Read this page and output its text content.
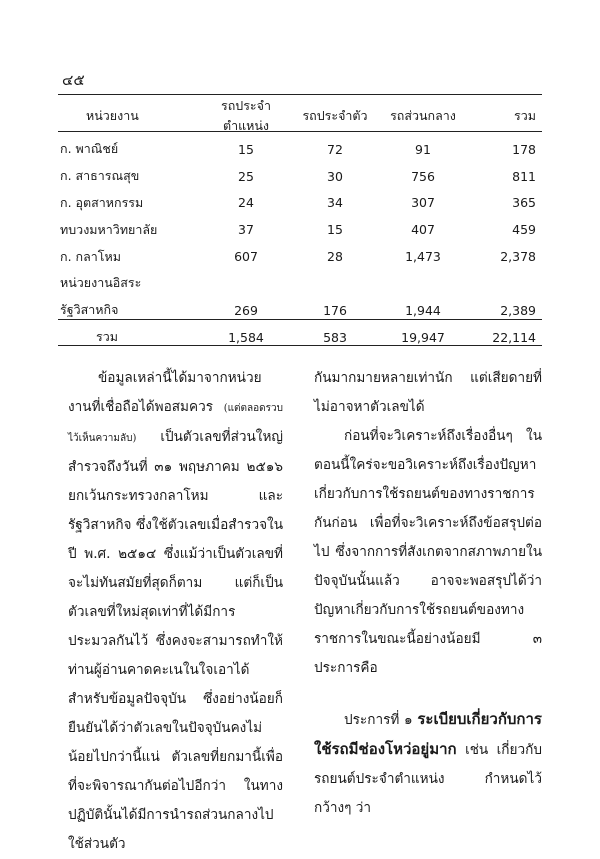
๔๕
หน่วยงาน	รถประจำตำแหน่ง	รถประจำตัว	รถส่วนกลาง	รวม
ก. พาณิชย์	15	72	91	178
ก. สาธารณสุข	25	30	756	811
ก. อุตสาหกรรม	24	34	307	365
ทบวงมหาวิทยาลัย	37	15	407	459
ก. กลาโหม	607	28	1,473	2,378
หน่วยงานอิสระ				
รัฐวิสาหกิจ	269	176	1,944	2,389
รวม	1,584	583	19,947	22,114

ข้อมูลเหล่านี้ได้มาจากหน่วยงานที่เชื่อถือได้พอสมควร (แต่ตลอดรวบไว้เห็นความลับ) เป็นตัวเลขที่ส่วนใหญ่สำรวจถึงวันที่ ๓๑ พฤษภาคม ๒๕๑๖ ยกเว้นกระทรวงกลาโหม และรัฐวิสาหกิจ ซึ่งใช้ตัวเลขเมื่อสำรวจในปี พ.ศ. ๒๕๑๔ ซึ่งแม้ว่าเป็นตัวเลขที่จะไม่ทันสมัยที่สุดก็ตาม แต่ก็เป็นตัวเลขที่ใหม่สุดเท่าที่ได้มีการประมวลกันไว้ ซึ่งคงจะสามารถทำให้ท่านผู้อ่านคาดคะเนในใจเอาได้ สำหรับข้อมูลปัจจุบัน ซึ่งอย่างน้อยก็ยืนยันได้ว่าตัวเลขในปัจจุบันคงไม่น้อยไปกว่านี้แน่ ตัวเลขที่ยกมานี้เพื่อที่จะพิจารณากันต่อไปอีกว่า ในทางปฏิบัตินั้นได้มีการนำรถส่วนกลางไปใช้ส่วนตัว

กันมากมายหลายเท่านัก แต่เสียดายที่ไม่อาจหาตัวเลขได้

ก่อนที่จะวิเคราะห์ถึงเรื่องอื่นๆ ในตอนนี้ใคร่จะขอวิเคราะห์ถึงเรื่องปัญหาเกี่ยวกับการใช้รถยนต์ของทางราชการกันก่อน เพื่อที่จะวิเคราะห์ถึงข้อสรุปต่อไป ซึ่งจากการที่สังเกตจากสภาพภายในปัจจุบันนั้นแล้ว อาจจะพอสรุปได้ว่า ปัญหาเกี่ยวกับการใช้รถยนต์ของทางราชการในขณะนี้อย่างน้อยมี ๓ ประการคือ

ประการที่ ๑ ระเบียบเกี่ยวกับการใช้รถมีช่องโหว่อยู่มาก เช่น เกี่ยวกับรถยนต์ประจำตำแหน่ง กำหนดไว้กว้างๆ ว่า
